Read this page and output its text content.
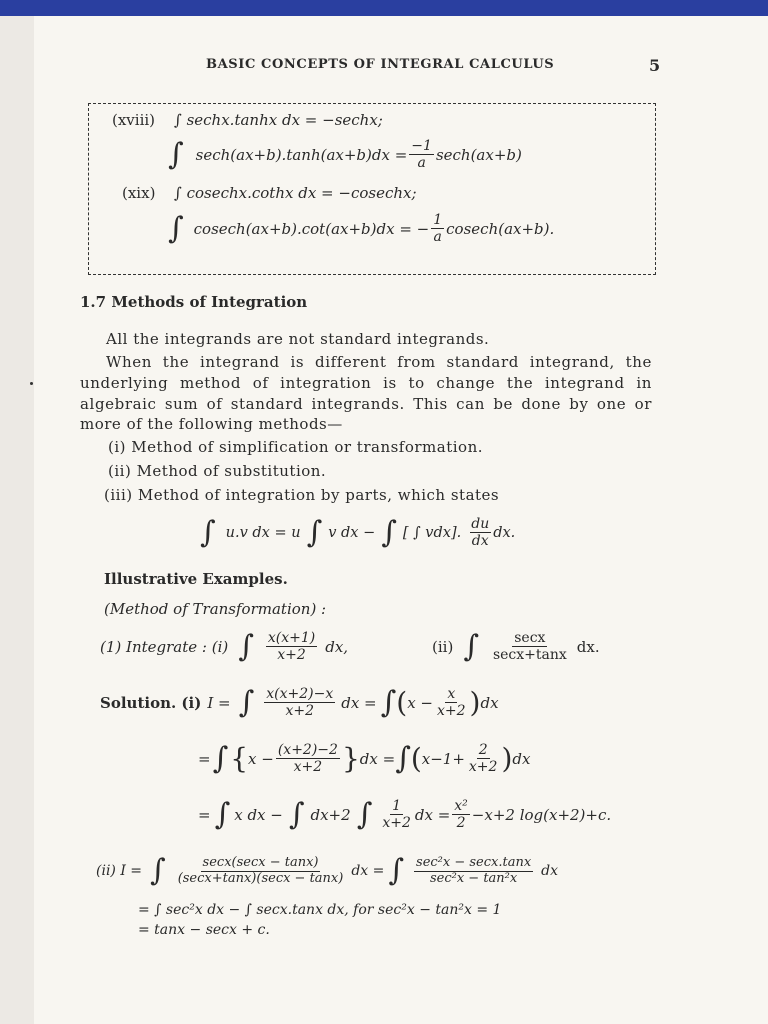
BASIC CONCEPTS OF INTEGRAL CALCULUS	5
(xviii) ∫ sechx.tanhx dx = −sechx;
∫ $\sec h(ax+b).\tanh(ax+b)dx = \frac{-1}{a} \sec h(ax+b)$
(xix) ∫ cosechx.cothx dx = −cosechx;
∫ cosech(ax+b).cot(ax+b)dx = − $\frac{1}{a} cosech(ax+b)$.
1.7 Methods of Integration
All the integrands are not standard integrands.
When the integrand is different from standard integrand, the
underlying method of integration is to change the integrand in
algebraic sum of standard integrands. This can be done by one or
more of the following methods—
(i) Method of simplification or transformation.
(ii) Method of substitution.
(iii) Method of integration by parts, which states
∫ u.v dx = u ∫ v dx − ∫ [ ∫ vdx]. $\frac{du}{dx}$ dx.
Illustrative Examples.
(Method of Transformation) :
(1) Integrate : (i) ∫ $\frac{x(x+1)}{x+2}$ dx,	(ii) ∫ $\frac{\sec x}{\sec x+\tan x}$ dx.
Solution. (i) I = ∫ $\frac{x(x+2)-x}{x+2}$ dx = ∫ ( $x - \frac{x}{x+2}$ ) dx
= ∫ { $x - \frac{(x+2)-2}{x+2}$ } dx = ∫ ( $x-1+ \frac{2}{x+2}$ ) dx
= ∫ x dx − ∫ dx+2 ∫ $\frac{1}{x+2}$ dx = $\frac{\text{x²}}{2} -x+2$ log(x+2)+c.
(ii) I = ∫ $\frac{\sec x(\sec x - \tan x)}{(\sec x+\tan x)(\sec x - \tan x)}$ dx = ∫ $\frac{\text{sec²x − secx.tanx}}{\text{sec²x − tan²x}}$ dx
= ∫ sec²x dx − ∫ secx.tanx dx, for sec²x − tan²x = 1
= tanx − secx + c.
